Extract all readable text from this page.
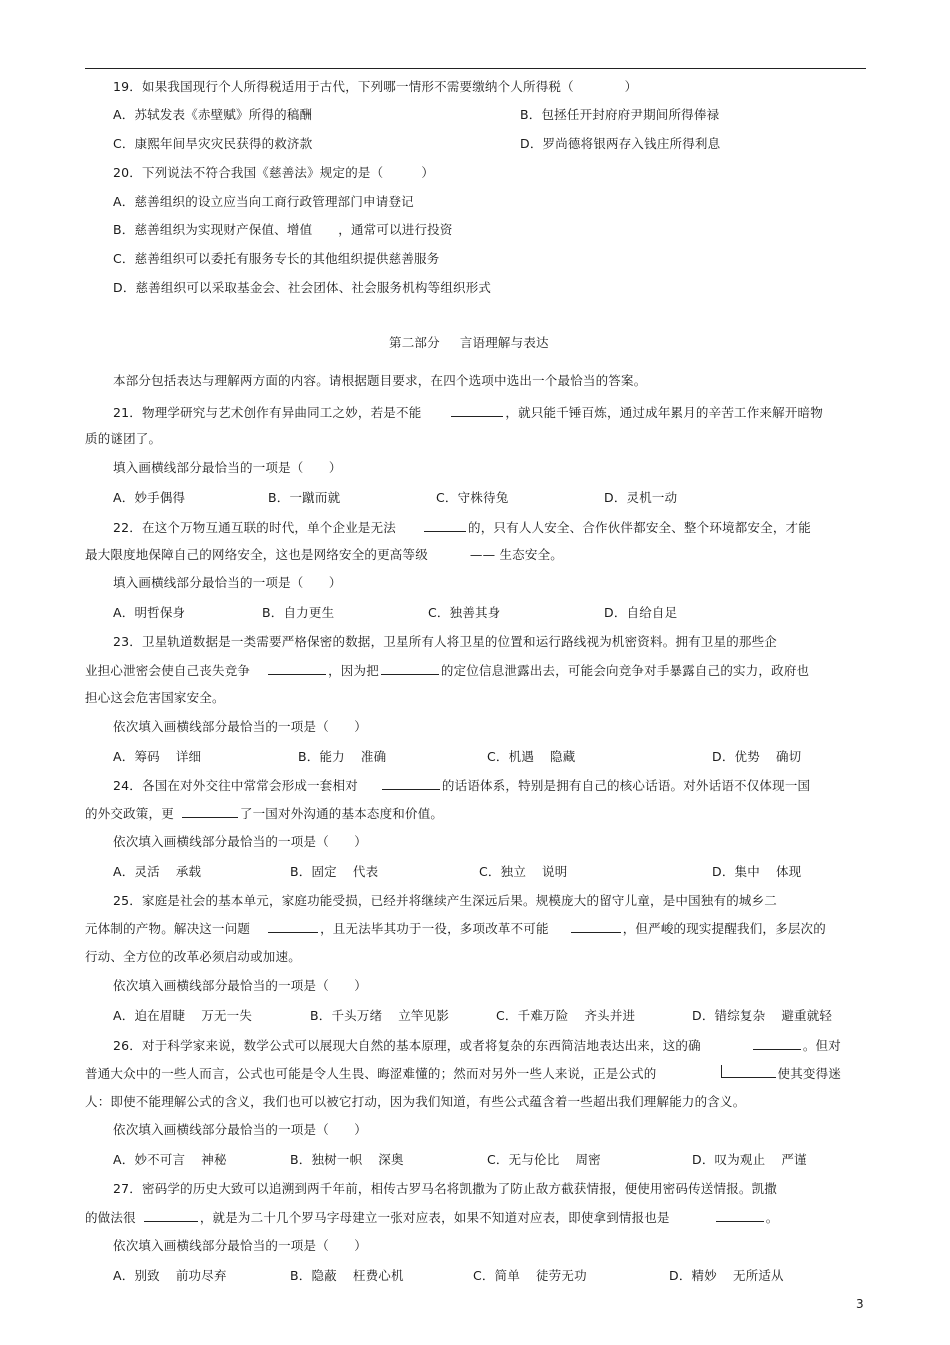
19．如果我国现行个人所得税适用于古代，下列哪一情形不需要缴纳个人所得税（　　　　）
A．苏轼发表《赤壁赋》所得的稿酬	B．包拯任开封府府尹期间所得俸禄
C．康熙年间旱灾灾民获得的救济款	D．罗尚德将银两存入钱庄所得利息
20．下列说法不符合我国《慈善法》规定的是（　　　）
A．慈善组织的设立应当向工商行政管理部门申请登记
B．慈善组织为实现财产保值、增值 ，通常可以进行投资
C．慈善组织可以委托有服务专长的其他组织提供慈善服务
D．慈善组织可以采取基金会、社会团体、社会服务机构等组织形式
第二部分 言语理解与表达
本部分包括表达与理解两方面的内容。请根据题目要求，在四个选项中选出一个最恰当的答案。
21．物理学研究与艺术创作有异曲同工之妙，若是不能	，就只能千锤百炼，通过成年累月的辛苦工作来解开暗物
质的谜团了。
填入画横线部分最恰当的一项是（　　）
A．妙手偶得	B．一蹴而就	C．守株待兔	D．灵机一动
22．在这个万物互通互联的时代，单个企业是无法	的，只有人人安全、合作伙伴都安全、整个环境都安全，才能
最大限度地保障自己的网络安全，这也是网络安全的更高等级	—— 生态安全。
填入画横线部分最恰当的一项是（　　）
A．明哲保身	B．自力更生	C．独善其身	D．自给自足
23．卫星轨道数据是一类需要严格保密的数据，卫星所有人将卫星的位置和运行路线视为机密资料。拥有卫星的那些企
业担心泄密会使自己丧失竞争	，因为把	的定位信息泄露出去，可能会向竞争对手暴露自己的实力，政府也
担心这会危害国家安全。
依次填入画横线部分最恰当的一项是（　　）
A．筹码 详细	B．能力 准确	C．机遇 隐藏	D．优势 确切
24．各国在对外交往中常常会形成一套相对	的话语体系，特别是拥有自己的核心话语。对外话语不仅体现一国
的外交政策，更	了一国对外沟通的基本态度和价值。
依次填入画横线部分最恰当的一项是（　　）
A．灵活 承载	B．固定 代表	C．独立 说明	D．集中 体现
25．家庭是社会的基本单元，家庭功能受损，已经并将继续产生深远后果。规模庞大的留守儿童，是中国独有的城乡二
元体制的产物。解决这一问题	，且无法毕其功于一役，多项改革不可能	，但严峻的现实提醒我们，多层次的
行动、全方位的改革必须启动或加速。
依次填入画横线部分最恰当的一项是（　　）
A．迫在眉睫 万无一失	B．千头万绪 立竿见影	C．千难万险 齐头并进	D．错综复杂 避重就轻
26．对于科学家来说，数学公式可以展现大自然的基本原理，或者将复杂的东西简洁地表达出来，这的确	。但对
普通大众中的一些人而言，公式也可能是令人生畏、晦涩难懂的；然而对另外一些人来说，正是公式的	使其变得迷
人：即使不能理解公式的含义，我们也可以被它打动，因为我们知道，有些公式蕴含着一些超出我们理解能力的含义。
依次填入画横线部分最恰当的一项是（　　）
A．妙不可言 神秘	B．独树一帜 深奥	C．无与伦比 周密	D．叹为观止 严谨
27．密码学的历史大致可以追溯到两千年前，相传古罗马名将凯撒为了防止敌方截获情报，便使用密码传送情报。凯撒
的做法很	，就是为二十几个罗马字母建立一张对应表，如果不知道对应表，即使拿到情报也是	。
依次填入画横线部分最恰当的一项是（　　）
A．别致 前功尽弃	B．隐蔽 枉费心机	C．简单 徒劳无功	D．精妙 无所适从
3
